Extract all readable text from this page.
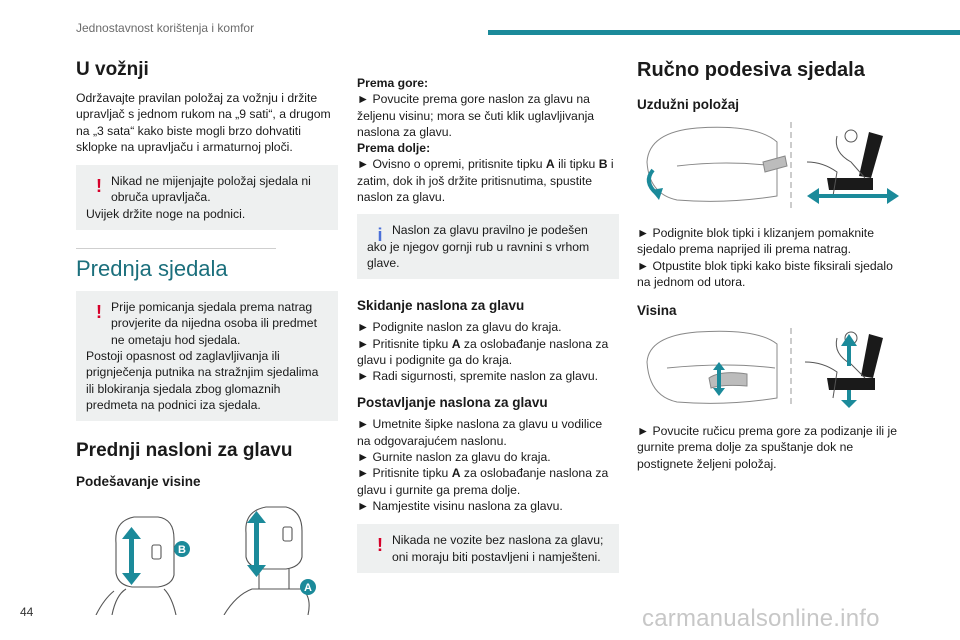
Jednostavnost korištenja i komfor
U vožnji
Održavajte pravilan položaj za vožnju i držite upravljač s jednom rukom na „9 sati“, a drugom na „3 sata“ kako biste mogli brzo dohvatiti sklopke na upravljaču i armaturnoj ploči.
! Nikad ne mijenjajte položaj sjedala ni obruča upravljača.
Uvijek držite noge na podnici.
Prednja sjedala
! Prije pomicanja sjedala prema natrag provjerite da nijedna osoba ili predmet ne ometaju hod sjedala.
Postoji opasnost od zaglavljivanja ili prignječenja putnika na stražnjim sjedalima ili blokiranja sjedala zbog glomaznih predmeta na podnici iza sjedala.
Prednji nasloni za glavu
Podešavanje visine
B
A
Prema gore:
► Povucite prema gore naslon za glavu na željenu visinu; mora se čuti klik uglavljivanja naslona za glavu.
Prema dolje:
► Ovisno o opremi, pritisnite tipku A ili tipku B i zatim, dok ih još držite pritisnutima, spustite naslon za glavu.
i Naslon za glavu pravilno je podešen ako je njegov gornji rub u ravnini s vrhom glave.
Skidanje naslona za glavu
► Podignite naslon za glavu do kraja.
► Pritisnite tipku A za oslobađanje naslona za glavu i podignite ga do kraja.
► Radi sigurnosti, spremite naslon za glavu.
Postavljanje naslona za glavu
► Umetnite šipke naslona za glavu u vodilice na odgovarajućem naslonu.
► Gurnite naslon za glavu do kraja.
► Pritisnite tipku A za oslobađanje naslona za glavu i gurnite ga prema dolje.
► Namjestite visinu naslona za glavu.
! Nikada ne vozite bez naslona za glavu; oni moraju biti postavljeni i namješteni.
Ručno podesiva sjedala
Uzdužni položaj
► Podignite blok tipki i klizanjem pomaknite sjedalo prema naprijed ili prema natrag.
► Otpustite blok tipki kako biste fiksirali sjedalo na jednom od utora.
Visina
► Povucite ručicu prema gore za podizanje ili je gurnite prema dolje za spuštanje dok ne postignete željeni položaj.
44	carmanualsonline.info
